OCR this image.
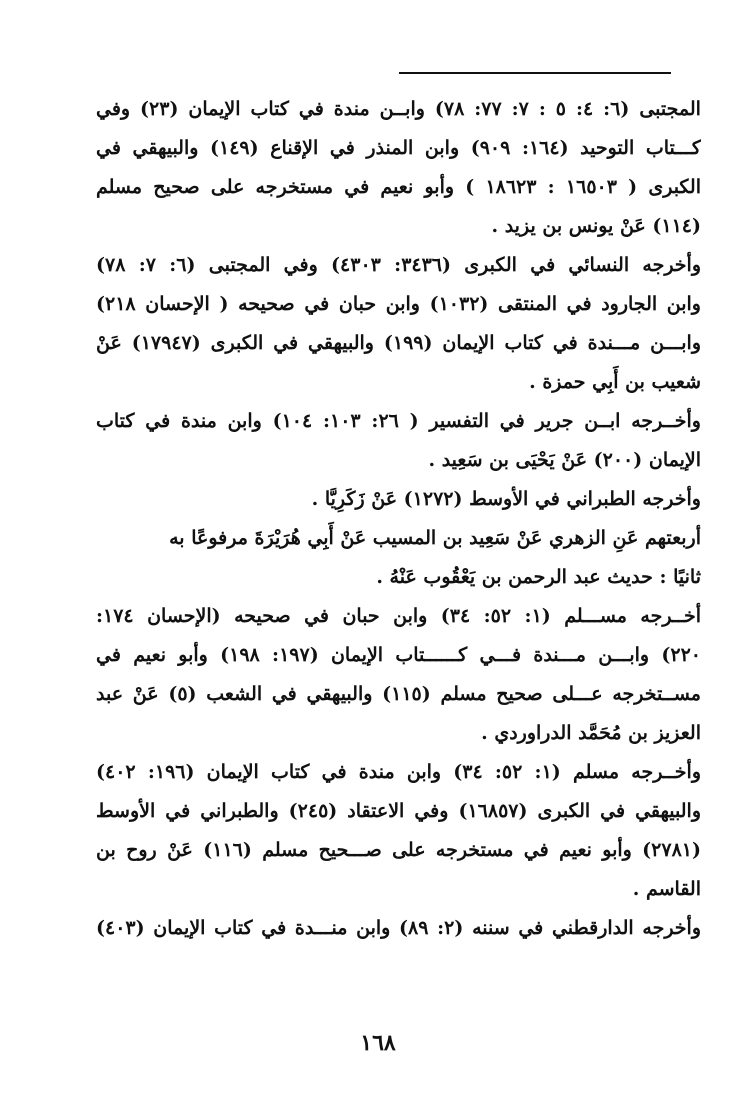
المجتبى (٦: ٤: ٥ : ٧: ٧٧: ٧٨) وابــن مندة في كتاب الإيمان (٢٣) وفي
كـــتاب التوحيد (١٦٤: ٩٠٩) وابن المنذر في الإقناع (١٤٩) والبيهقي في
الكبرى ( ١٦٥٠٣ : ١٨٦٢٣ ) وأبو نعيم في مستخرجه على صحيح مسلم
(١١٤) عَنْ يونس بن يزيد .
وأخرجه النسائي في الكبرى (٣٤٣٦: ٤٣٠٣) وفي المجتبى (٦: ٧: ٧٨)
وابن الجارود في المنتقى (١٠٣٢) وابن حبان في صحيحه ( الإحسان ٢١٨)
وابـــن مـــندة في كتاب الإيمان (١٩٩) والبيهقي في الكبرى (١٧٩٤٧) عَنْ
شعيب بن أَبِي حمزة .
وأخــرجه ابــن جرير في التفسير ( ٢٦: ١٠٣: ١٠٤) وابن مندة في كتاب
الإيمان (٢٠٠) عَنْ يَحْيَى بن سَعِيد .
وأخرجه الطبراني في الأوسط (١٢٧٢) عَنْ زَكَرِيَّا .
أربعتهم عَنِ الزهري عَنْ سَعِيد بن المسيب عَنْ أَبِي هُرَيْرَةَ مرفوعًا به
ثانيًا : حديث عبد الرحمن بن يَعْقُوب عَنْهُ .
أخــرجه مســـلم (١: ٥٢: ٣٤) وابن حبان في صحيحه (الإحسان ١٧٤:
٢٢٠) وابـــن مـــندة فـــي كــــــتاب الإيمان (١٩٧: ١٩٨) وأبو نعيم في
مســتخرجه عـــلى صحيح مسلم (١١٥) والبيهقي في الشعب (٥) عَنْ عبد
العزيز بن مُحَمَّد الدراوردي .
وأخــرجه مسلم (١: ٥٢: ٣٤) وابن مندة في كتاب الإيمان (١٩٦: ٤٠٢)
والبيهقي في الكبرى (١٦٨٥٧) وفي الاعتقاد (٢٤٥) والطبراني في الأوسط
(٢٧٨١) وأبو نعيم في مستخرجه على صـــحيح مسلم (١١٦) عَنْ روح بن
القاسم .
وأخرجه الدارقطني في سننه (٢: ٨٩) وابن منـــدة في كتاب الإيمان (٤٠٣)
١٦٨
